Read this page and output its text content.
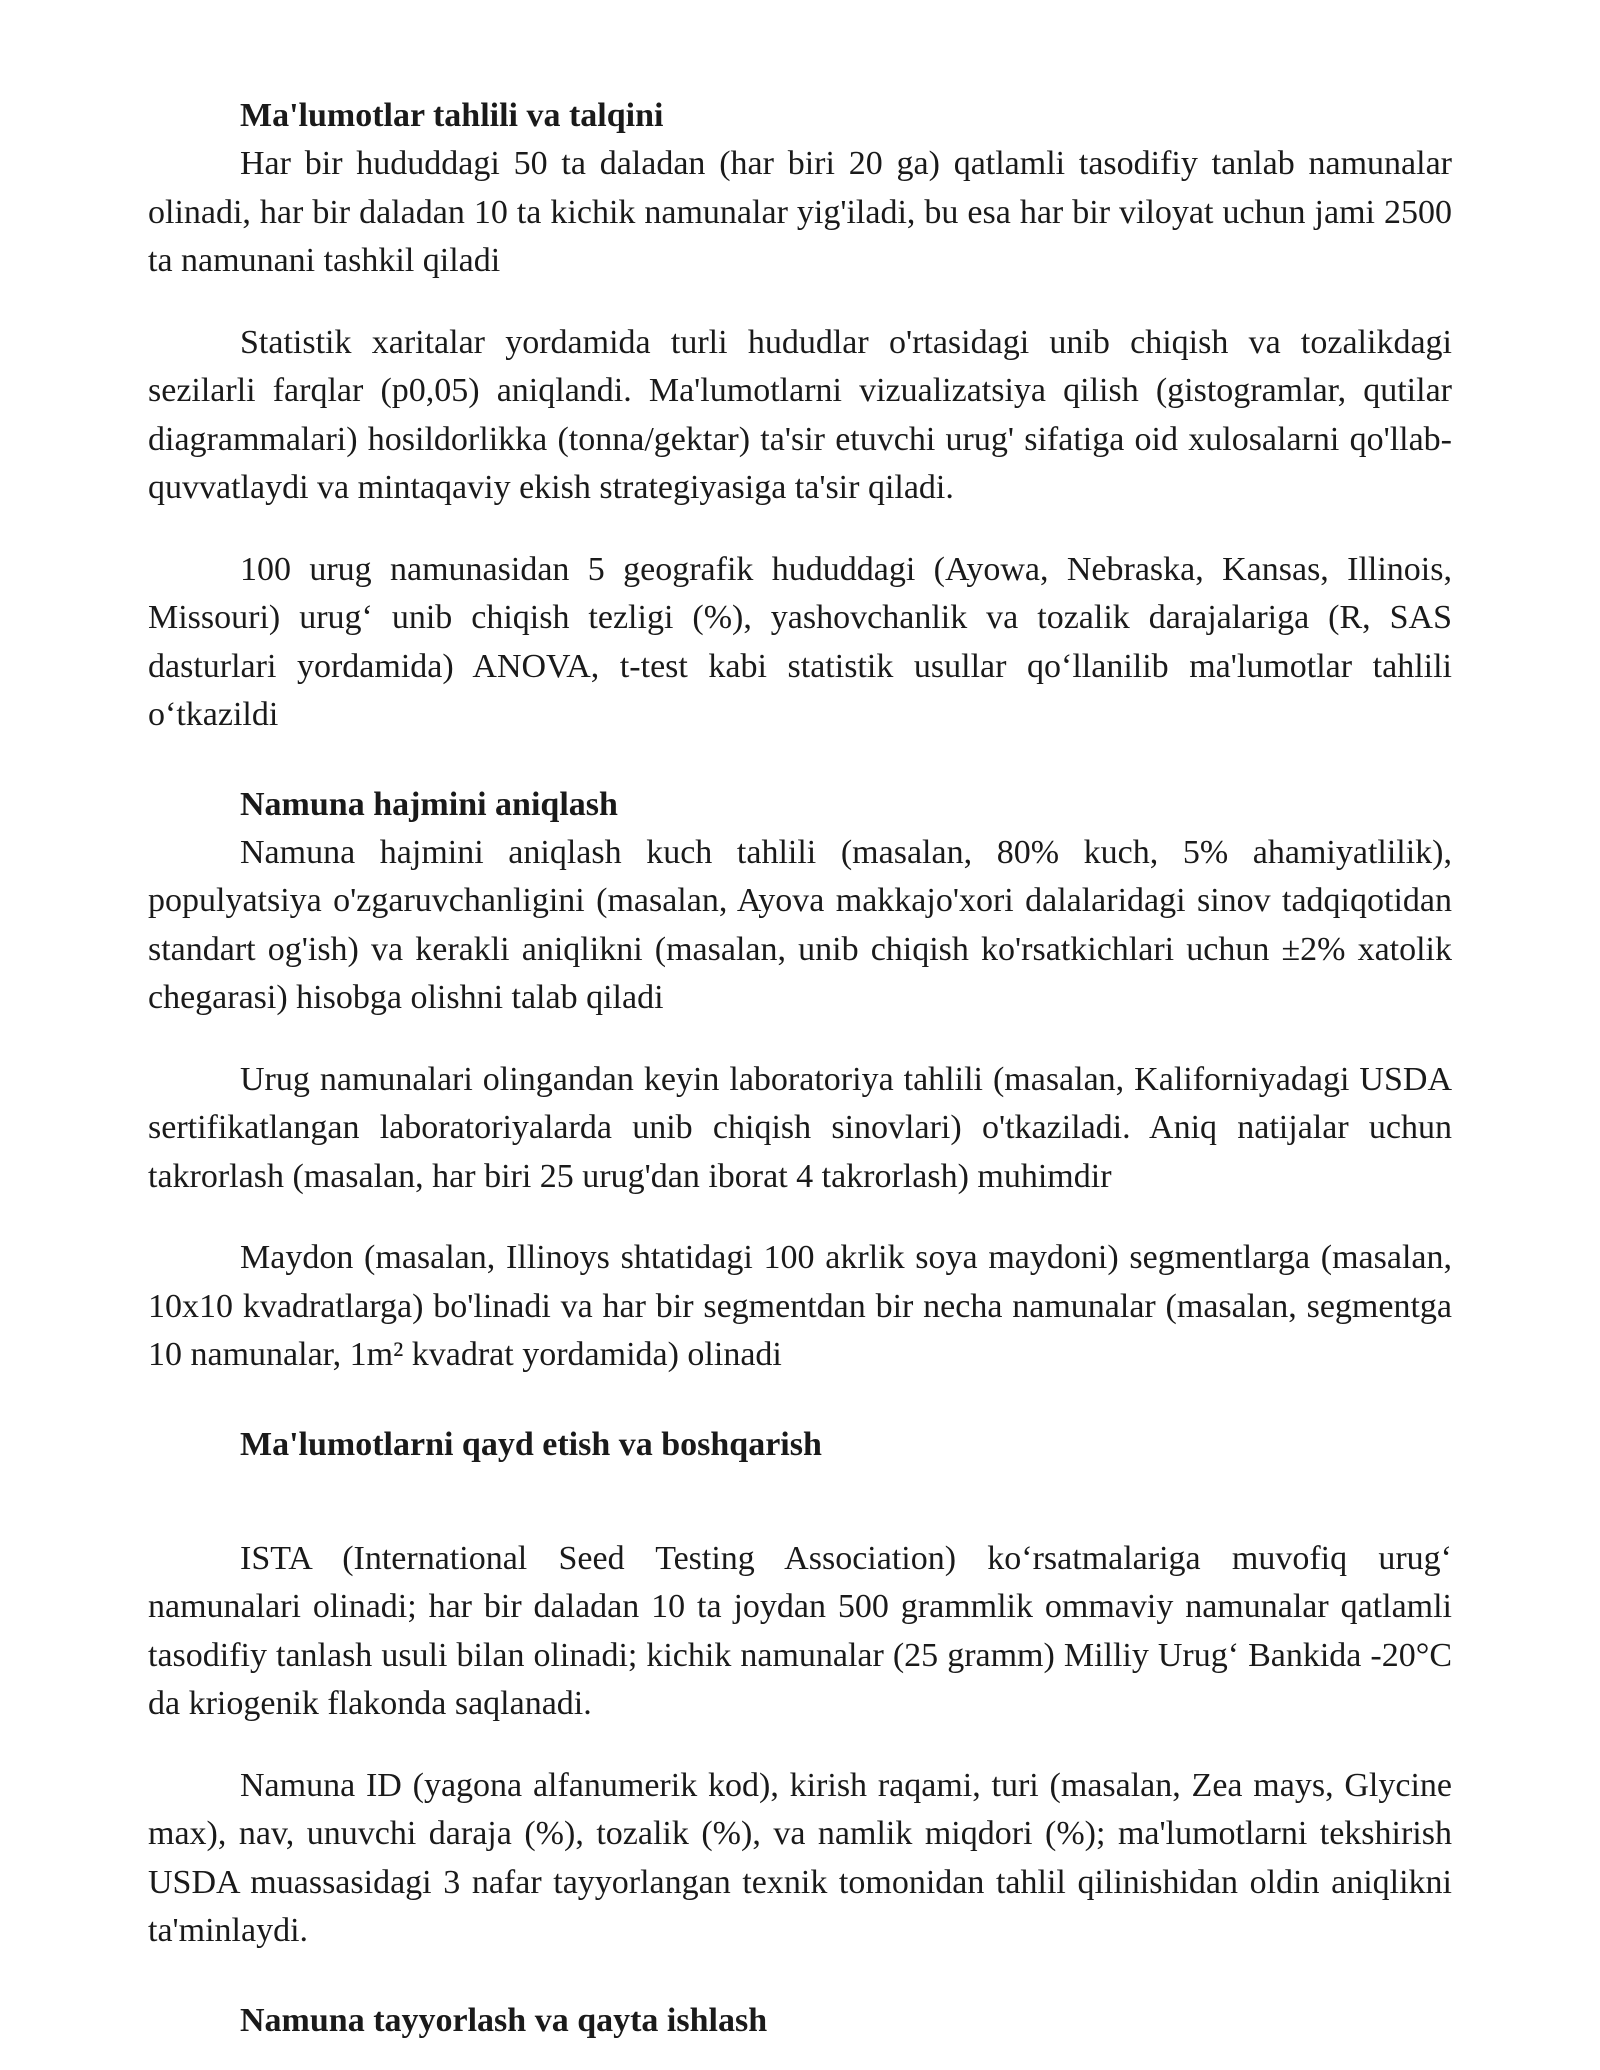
Ma'lumotlar tahlili va talqini

Har bir hududdagi 50 ta daladan (har biri 20 ga) qatlamli tasodifiy tanlab namunalar olinadi, har bir daladan 10 ta kichik namunalar yig'iladi, bu esa har bir viloyat uchun jami 2500 ta namunani tashkil qiladi

Statistik xaritalar yordamida turli hududlar o'rtasidagi unib chiqish va tozalikdagi sezilarli farqlar (p0,05) aniqlandi. Ma'lumotlarni vizualizatsiya qilish (gistogramlar, qutilar diagrammalari) hosildorlikka (tonna/gektar) ta'sir etuvchi urug' sifatiga oid xulosalarni qo'llab-quvvatlaydi va mintaqaviy ekish strategiyasiga ta'sir qiladi.

100 urug namunasidan 5 geografik hududdagi (Ayowa, Nebraska, Kansas, Illinois, Missouri) urug‘ unib chiqish tezligi (%), yashovchanlik va tozalik darajalariga (R, SAS dasturlari yordamida) ANOVA, t-test kabi statistik usullar qo‘llanilib ma'lumotlar tahlili o‘tkazildi

Namuna hajmini aniqlash

Namuna hajmini aniqlash kuch tahlili (masalan, 80% kuch, 5% ahamiyatlilik), populyatsiya o'zgaruvchanligini (masalan, Ayova makkajo'xori dalalaridagi sinov tadqiqotidan standart og'ish) va kerakli aniqlikni (masalan, unib chiqish ko'rsatkichlari uchun ±2% xatolik chegarasi) hisobga olishni talab qiladi

Urug namunalari olingandan keyin laboratoriya tahlili (masalan, Kaliforniyadagi USDA sertifikatlangan laboratoriyalarda unib chiqish sinovlari) o'tkaziladi. Aniq natijalar uchun takrorlash (masalan, har biri 25 urug'dan iborat 4 takrorlash) muhimdir

Maydon (masalan, Illinoys shtatidagi 100 akrlik soya maydoni) segmentlarga (masalan, 10x10 kvadratlarga) bo'linadi va har bir segmentdan bir necha namunalar (masalan, segmentga 10 namunalar, 1m² kvadrat yordamida) olinadi

Ma'lumotlarni qayd etish va boshqarish

ISTA (International Seed Testing Association) ko‘rsatmalariga muvofiq urug‘ namunalari olinadi; har bir daladan 10 ta joydan 500 grammlik ommaviy namunalar qatlamli tasodifiy tanlash usuli bilan olinadi; kichik namunalar (25 gramm) Milliy Urug‘ Bankida -20°C da kriogenik flakonda saqlanadi.

Namuna ID (yagona alfanumerik kod), kirish raqami, turi (masalan, Zea mays, Glycine max), nav, unuvchi daraja (%), tozalik (%), va namlik miqdori (%); ma'lumotlarni tekshirish USDA muassasidagi 3 nafar tayyorlangan texnik tomonidan tahlil qilinishidan oldin aniqlikni ta'minlaydi.

Namuna tayyorlash va qayta ishlash
